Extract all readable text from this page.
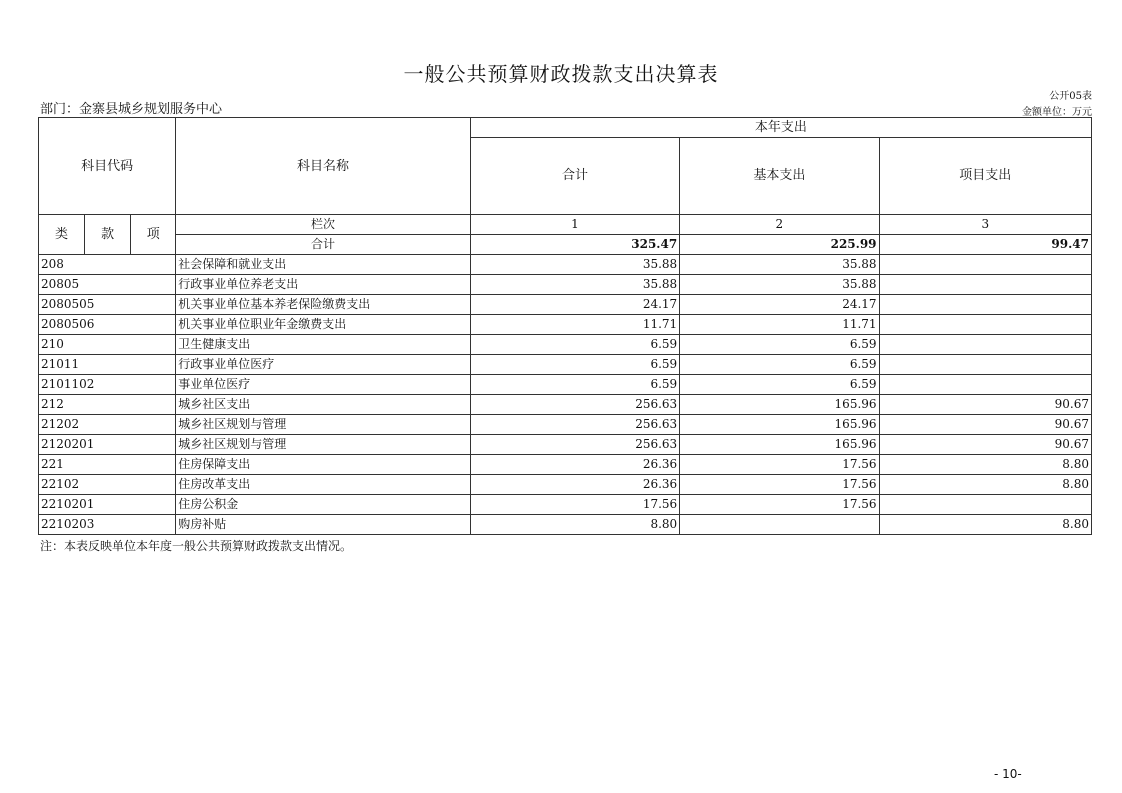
一般公共预算财政拨款支出决算表
公开05表
部门：金寨县城乡规划服务中心	金额单位：万元
科目代码			科目名称	本年支出		
				合计	基本支出	项目支出

类	款	项	栏次	1	2	3
			合计	325.47	225.99	99.47
208			社会保障和就业支出	35.88	35.88	
20805			行政事业单位养老支出	35.88	35.88	
2080505			机关事业单位基本养老保险缴费支出	24.17	24.17	
2080506			机关事业单位职业年金缴费支出	11.71	11.71	
210			卫生健康支出	6.59	6.59	
21011			行政事业单位医疗	6.59	6.59	
2101102			事业单位医疗	6.59	6.59	
212			城乡社区支出	256.63	165.96	90.67
21202			城乡社区规划与管理	256.63	165.96	90.67
2120201			城乡社区规划与管理	256.63	165.96	90.67
221			住房保障支出	26.36	17.56	8.80
22102			住房改革支出	26.36	17.56	8.80
2210201			住房公积金	17.56	17.56	
2210203			购房补贴	8.80		8.80
注：本表反映单位本年度一般公共预算财政拨款支出情况。
- 10-
